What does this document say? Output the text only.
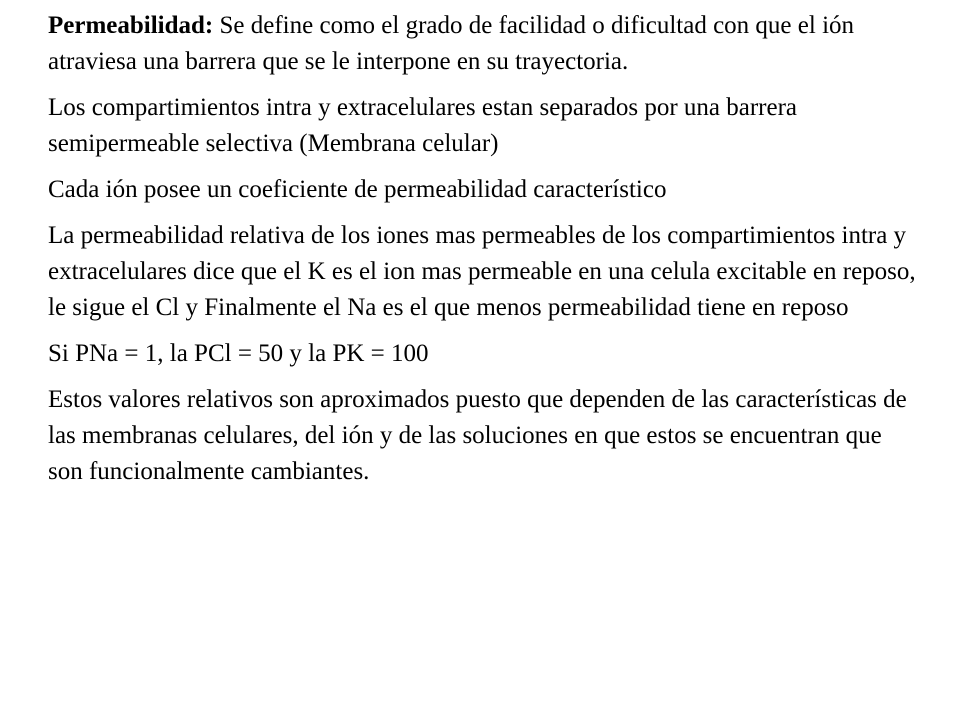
Permeabilidad: Se define como el grado de facilidad o dificultad con que el ión atraviesa una barrera que se le interpone en su trayectoria.

Los compartimientos intra y extracelulares estan separados por una barrera semipermeable selectiva (Membrana celular)

Cada ión posee un coeficiente de permeabilidad característico

La permeabilidad relativa de los iones mas permeables de los compartimientos intra y extracelulares dice que el K es el ion mas permeable en una celula excitable en reposo, le sigue el Cl y Finalmente el Na es el que menos permeabilidad tiene en reposo

Si PNa = 1, la PCl = 50 y la PK = 100

Estos valores relativos son aproximados puesto que dependen de las características de las membranas celulares, del ión y de las soluciones en que estos se encuentran que son funcionalmente cambiantes.
